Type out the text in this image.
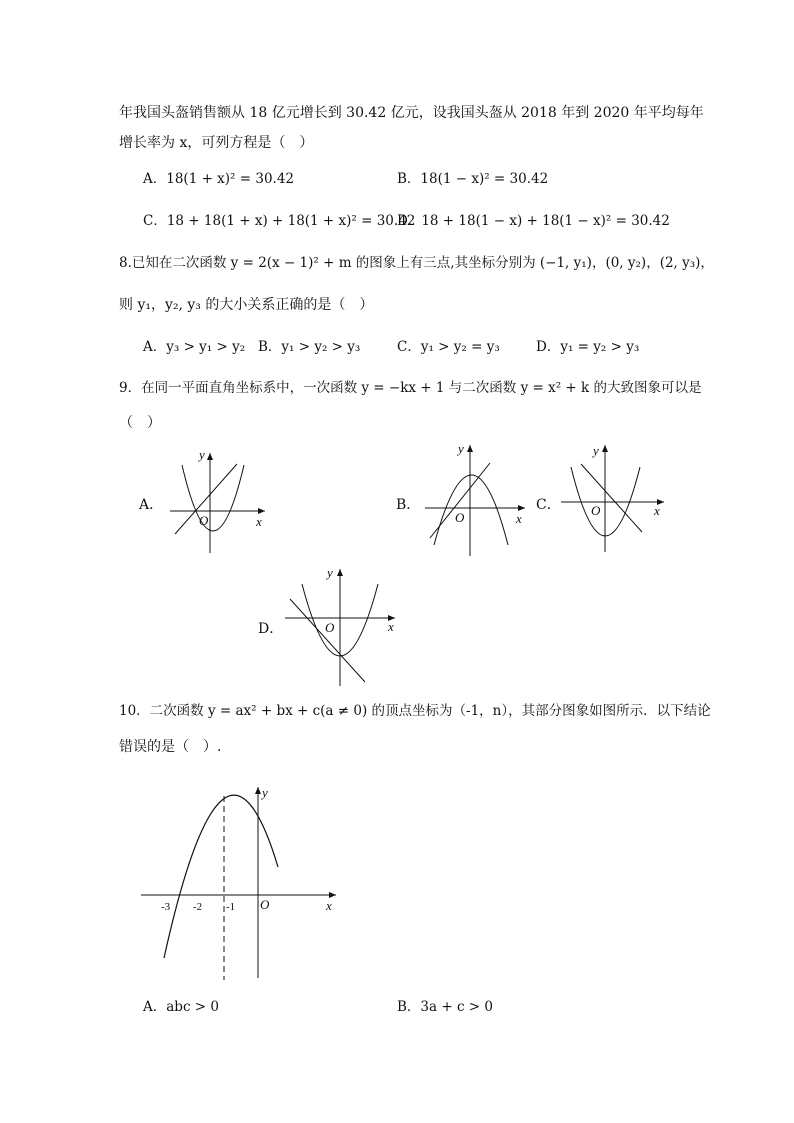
年我国头盔销售额从 18 亿元增长到 30.42 亿元，设我国头盔从 2018 年到 2020 年平均每年
增长率为 x，可列方程是（　）
A．18(1 + x)² = 30.42	B．18(1 − x)² = 30.42
C．18 + 18(1 + x) + 18(1 + x)² = 30.42
D．18 + 18(1 − x) + 18(1 − x)² = 30.42
8.已知在二次函数 y = 2(x − 1)² + m 的图象上有三点,其坐标分别为 (−1, y₁)，(0, y₂)，(2, y₃)，
则 y₁，y₂, y₃ 的大小关系正确的是（　）
A．y₃ > y₁ > y₂ B．y₁ > y₂ > y₃	C．y₁ > y₂ = y₃	D．y₁ = y₂ > y₃
9．在同一平面直角坐标系中，一次函数 y = −kx + 1 与二次函数 y = x² + k 的大致图象可以是
（　）
A．
y
O	x
B．
y
O	x
C．
y
O	x
D．
y
O	x
10．二次函数 y = ax² + bx + c(a ≠ 0) 的顶点坐标为（-1，n），其部分图象如图所示．以下结论
错误的是（　）.
y
O	x
-3 -2 -1
A．abc > 0	B．3a + c > 0
